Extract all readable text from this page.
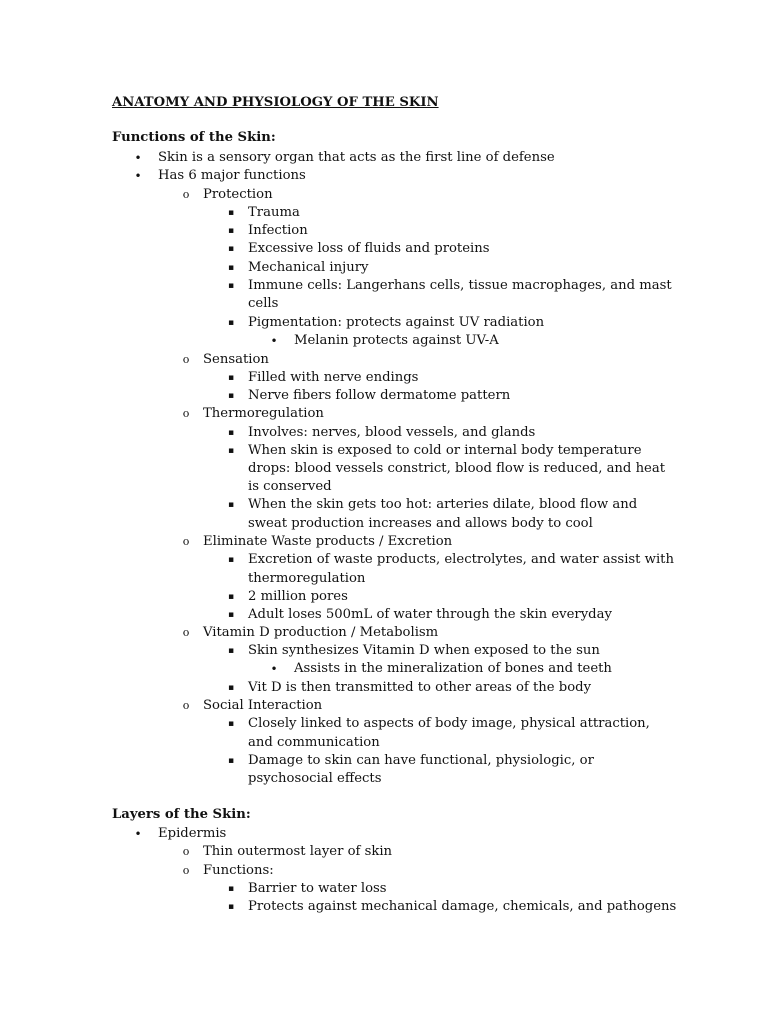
ANATOMY AND PHYSIOLOGY OF THE SKIN
Functions of the Skin:
• Skin is a sensory organ that acts as the first line of defense
• Has 6 major functions
o Protection
▪ Trauma
▪ Infection
▪ Excessive loss of fluids and proteins
▪ Mechanical injury
▪ Immune cells: Langerhans cells, tissue macrophages, and mast
cells
▪ Pigmentation: protects against UV radiation
• Melanin protects against UV-A
o Sensation
▪ Filled with nerve endings
▪ Nerve fibers follow dermatome pattern
o Thermoregulation
▪ Involves: nerves, blood vessels, and glands
▪ When skin is exposed to cold or internal body temperature
drops: blood vessels constrict, blood flow is reduced, and heat
is conserved
▪ When the skin gets too hot: arteries dilate, blood flow and
sweat production increases and allows body to cool
o Eliminate Waste products / Excretion
▪ Excretion of waste products, electrolytes, and water assist with
thermoregulation
▪ 2 million pores
▪ Adult loses 500mL of water through the skin everyday
o Vitamin D production / Metabolism
▪ Skin synthesizes Vitamin D when exposed to the sun
• Assists in the mineralization of bones and teeth
▪ Vit D is then transmitted to other areas of the body
o Social Interaction
▪ Closely linked to aspects of body image, physical attraction,
and communication
▪ Damage to skin can have functional, physiologic, or
psychosocial effects
Layers of the Skin:
• Epidermis
o Thin outermost layer of skin
o Functions:
▪ Barrier to water loss
▪ Protects against mechanical damage, chemicals, and pathogens
